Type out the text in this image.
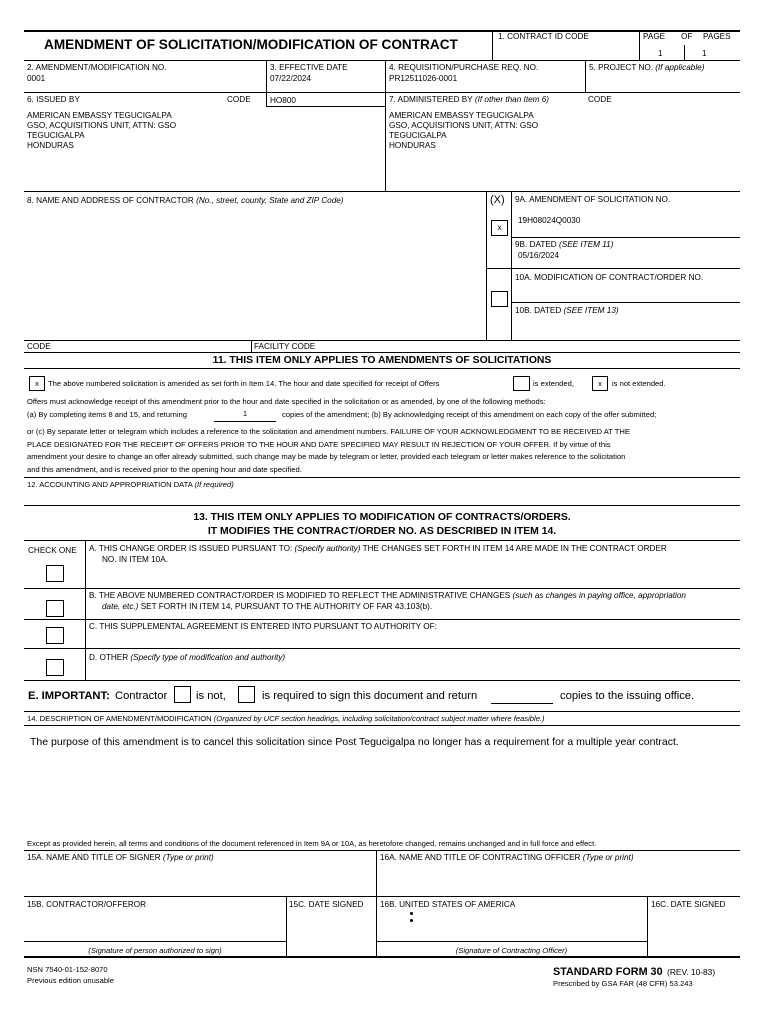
AMENDMENT OF SOLICITATION/MODIFICATION OF CONTRACT
1. CONTRACT ID CODE	PAGE OF PAGES
1	1
2. AMENDMENT/MODIFICATION NO.
0001
3. EFFECTIVE DATE
07/22/2024
4. REQUISITION/PURCHASE REQ. NO.
PR12511026-0001
5. PROJECT NO. (If applicable)
6. ISSUED BY	CODE HO800
AMERICAN EMBASSY TEGUCIGALPA
GSO, ACQUISITIONS UNIT, ATTN: GSO
TEGUCIGALPA
HONDURAS
7. ADMINISTERED BY (If other than Item 6)	CODE
AMERICAN EMBASSY TEGUCIGALPA
GSO, ACQUISITIONS UNIT, ATTN: GSO
TEGUCIGALPA
HONDURAS
8. NAME AND ADDRESS OF CONTRACTOR (No., street, county, State and ZIP Code)	(X)
x
9A. AMENDMENT OF SOLICITATION NO.
19H08024Q0030
9B. DATED (SEE ITEM 11)
05/16/2024
10A. MODIFICATION OF CONTRACT/ORDER NO.
10B. DATED (SEE ITEM 13)
CODE	FACILITY CODE
11. THIS ITEM ONLY APPLIES TO AMENDMENTS OF SOLICITATIONS
x	The above numbered solicitation is amended as set forth in Item 14. The hour and date specified for receipt of Offers	is extended,	x	is not extended.
Offers must acknowledge receipt of this amendment prior to the hour and date specified in the solicitation or as amended, by one of the following methods:
(a) By completing items 8 and 15, and returning	1	copies of the amendment; (b) By acknowledging receipt of this amendment on each copy of the offer submitted;
or (c) By separate letter or telegram which includes a reference to the solicitation and amendment numbers. FAILURE OF YOUR ACKNOWLEDGMENT TO BE RECEIVED AT THE
PLACE DESIGNATED FOR THE RECEIPT OF OFFERS PRIOR TO THE HOUR AND DATE SPECIFIED MAY RESULT IN REJECTION OF YOUR OFFER. If by virtue of this
amendment your desire to change an offer already submitted, such change may be made by telegram or letter, provided each telegram or letter makes reference to the solicitation
and this amendment, and is received prior to the opening hour and date specified.
12. ACCOUNTING AND APPROPRIATION DATA (If required)
13. THIS ITEM ONLY APPLIES TO MODIFICATION OF CONTRACTS/ORDERS.
IT MODIFIES THE CONTRACT/ORDER NO. AS DESCRIBED IN ITEM 14.
CHECK ONE A. THIS CHANGE ORDER IS ISSUED PURSUANT TO: (Specify authority) THE CHANGES SET FORTH IN ITEM 14 ARE MADE IN THE CONTRACT ORDER
NO. IN ITEM 10A.
B. THE ABOVE NUMBERED CONTRACT/ORDER IS MODIFIED TO REFLECT THE ADMINISTRATIVE CHANGES (such as changes in paying office, appropriation
date, etc.) SET FORTH IN ITEM 14, PURSUANT TO THE AUTHORITY OF FAR 43.103(b).
C. THIS SUPPLEMENTAL AGREEMENT IS ENTERED INTO PURSUANT TO AUTHORITY OF:
D. OTHER (Specify type of modification and authority)
E. IMPORTANT: Contractor	is not,	is required to sign this document and return	copies to the issuing office.
14. DESCRIPTION OF AMENDMENT/MODIFICATION (Organized by UCF section headings, including solicitation/contract subject matter where feasible.)
The purpose of this amendment is to cancel this solicitation since Post Tegucigalpa no longer has a requirement for a multiple year contract.
Except as provided herein, all terms and conditions of the document referenced in Item 9A or 10A, as heretofore changed, remains unchanged and in full force and effect.
15A. NAME AND TITLE OF SIGNER (Type or print)	16A. NAME AND TITLE OF CONTRACTING OFFICER (Type or print)
15B. CONTRACTOR/OFFEROR	15C. DATE SIGNED 16B. UNITED STATES OF AMERICA	16C. DATE SIGNED
(Signature of person authorized to sign)	(Signature of Contracting Officer)
NSN 7540-01-152-8070
Previous edition unusable
STANDARD FORM 30 (REV. 10-83)
Prescribed by GSA FAR (48 CFR) 53.243
